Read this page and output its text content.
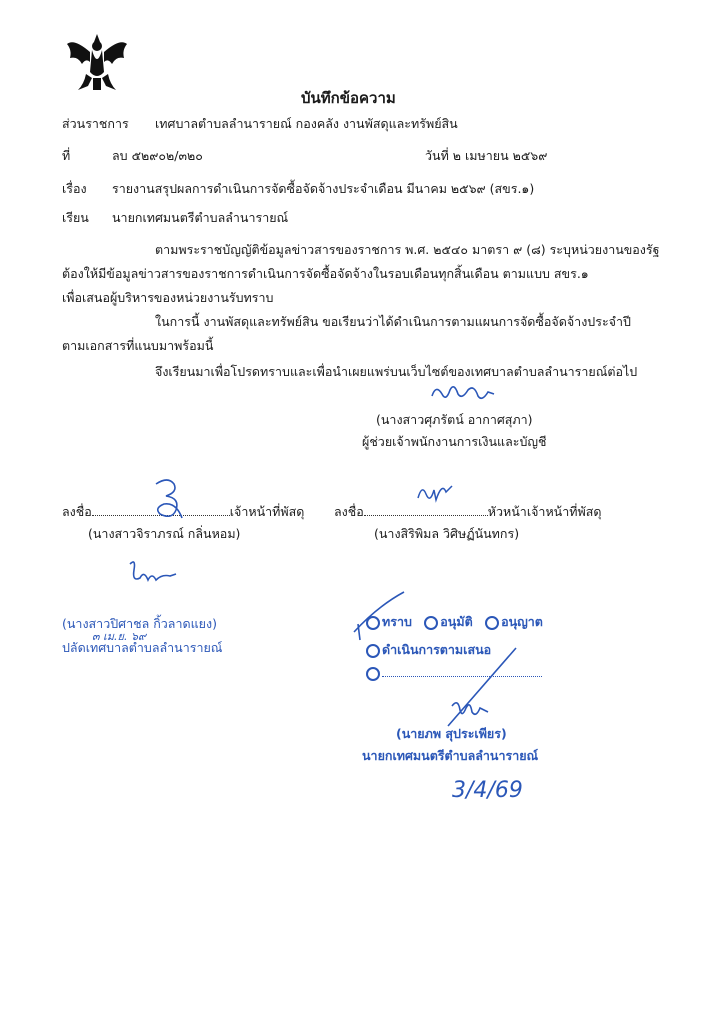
บันทึกข้อความ
ส่วนราชการ เทศบาลตำบลลำนารายณ์ กองคลัง งานพัสดุและทรัพย์สิน
ที่	ลบ ๕๒๙๐๒/๓๒๐	วันที่ ๒ เมษายน ๒๕๖๙
เรื่อง รายงานสรุปผลการดำเนินการจัดซื้อจัดจ้างประจำเดือน มีนาคม ๒๕๖๙ (สขร.๑)
เรียน นายกเทศมนตรีตำบลลำนารายณ์
ตามพระราชบัญญัติข้อมูลข่าวสารของราชการ พ.ศ. ๒๕๔๐ มาตรา ๙ (๘) ระบุหน่วยงานของรัฐ
ต้องให้มีข้อมูลข่าวสารของราชการดำเนินการจัดซื้อจัดจ้างในรอบเดือนทุกสิ้นเดือน ตามแบบ สขร.๑
เพื่อเสนอผู้บริหารของหน่วยงานรับทราบ
ในการนี้ งานพัสดุและทรัพย์สิน ขอเรียนว่าได้ดำเนินการตามแผนการจัดซื้อจัดจ้างประจำปี
ตามเอกสารที่แนบมาพร้อมนี้
จึงเรียนมาเพื่อโปรดทราบและเพื่อนำเผยแพร่บนเว็บไซต์ของเทศบาลตำบลลำนารายณ์ต่อไป
(นางสาวศุภรัตน์ อากาศสุภา)
ผู้ช่วยเจ้าพนักงานการเงินและบัญชี
ลงชื่อ	เจ้าหน้าที่พัสดุ
(นางสาวจิราภรณ์ กลิ่นหอม)
ลงชื่อ	หัวหน้าเจ้าหน้าที่พัสดุ
(นางสิริพิมล วิศิษฏ์นันทกร)
(นางสาวปิศาชล กิ้วลาดแยง)
๓ เม.ย. ๖๙
ปลัดเทศบาลตำบลลำนารายณ์
ทราบ อนุมัติ อนุญาต
ดำเนินการตามเสนอ
(นายภพ สุประเพียร)
นายกเทศมนตรีตำบลลำนารายณ์
3/4/69
